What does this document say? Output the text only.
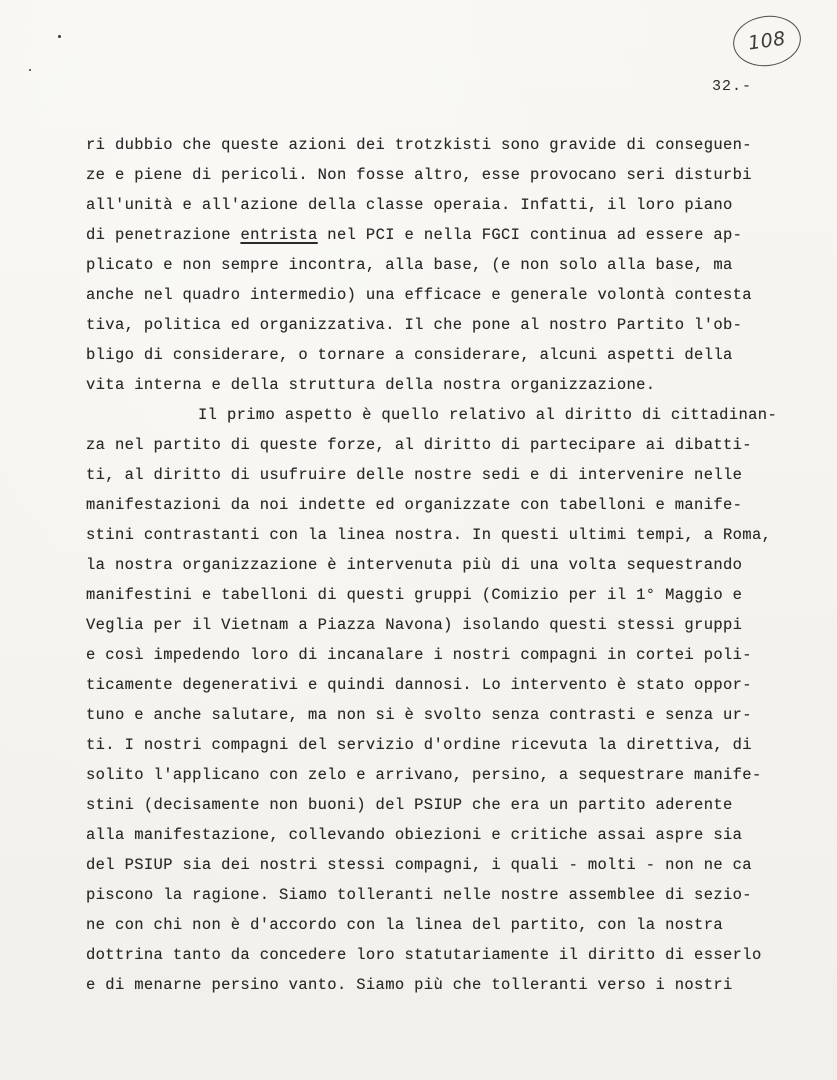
108
32.-
ri dubbio che queste azioni dei trotzkisti sono gravide di conseguen-
ze e piene di pericoli. Non fosse altro, esse provocano seri disturbi
all'unità e all'azione della classe operaia. Infatti, il loro piano
di penetrazione entrista nel PCI e nella FGCI continua ad essere ap-
plicato e non sempre incontra, alla base, (e non solo alla base, ma
anche nel quadro intermedio) una efficace e generale volontà contesta
tiva, politica ed organizzativa. Il che pone al nostro Partito l'ob-
bligo di considerare, o tornare a considerare, alcuni aspetti della
vita interna e della struttura della nostra organizzazione.
Il primo aspetto è quello relativo al diritto di cittadinan-
za nel partito di queste forze, al diritto di partecipare ai dibatti-
ti, al diritto di usufruire delle nostre sedi e di intervenire nelle
manifestazioni da noi indette ed organizzate con tabelloni e manife-
stini contrastanti con la linea nostra. In questi ultimi tempi, a Roma,
la nostra organizzazione è intervenuta più di una volta sequestrando
manifestini e tabelloni di questi gruppi (Comizio per il 1° Maggio e
Veglia per il Vietnam a Piazza Navona) isolando questi stessi gruppi
e così impedendo loro di incanalare i nostri compagni in cortei poli-
ticamente degenerativi e quindi dannosi. Lo intervento è stato oppor-
tuno e anche salutare, ma non si è svolto senza contrasti e senza ur-
ti. I nostri compagni del servizio d'ordine ricevuta la direttiva, di
solito l'applicano con zelo e arrivano, persino, a sequestrare manife-
stini (decisamente non buoni) del PSIUP che era un partito aderente
alla manifestazione, collevando obiezioni e critiche assai aspre sia
del PSIUP sia dei nostri stessi compagni, i quali - molti - non ne ca
piscono la ragione. Siamo tolleranti nelle nostre assemblee di sezio-
ne con chi non è d'accordo con la linea del partito, con la nostra
dottrina tanto da concedere loro statutariamente il diritto di esserlo
e di menarne persino vanto. Siamo più che tolleranti verso i nostri
